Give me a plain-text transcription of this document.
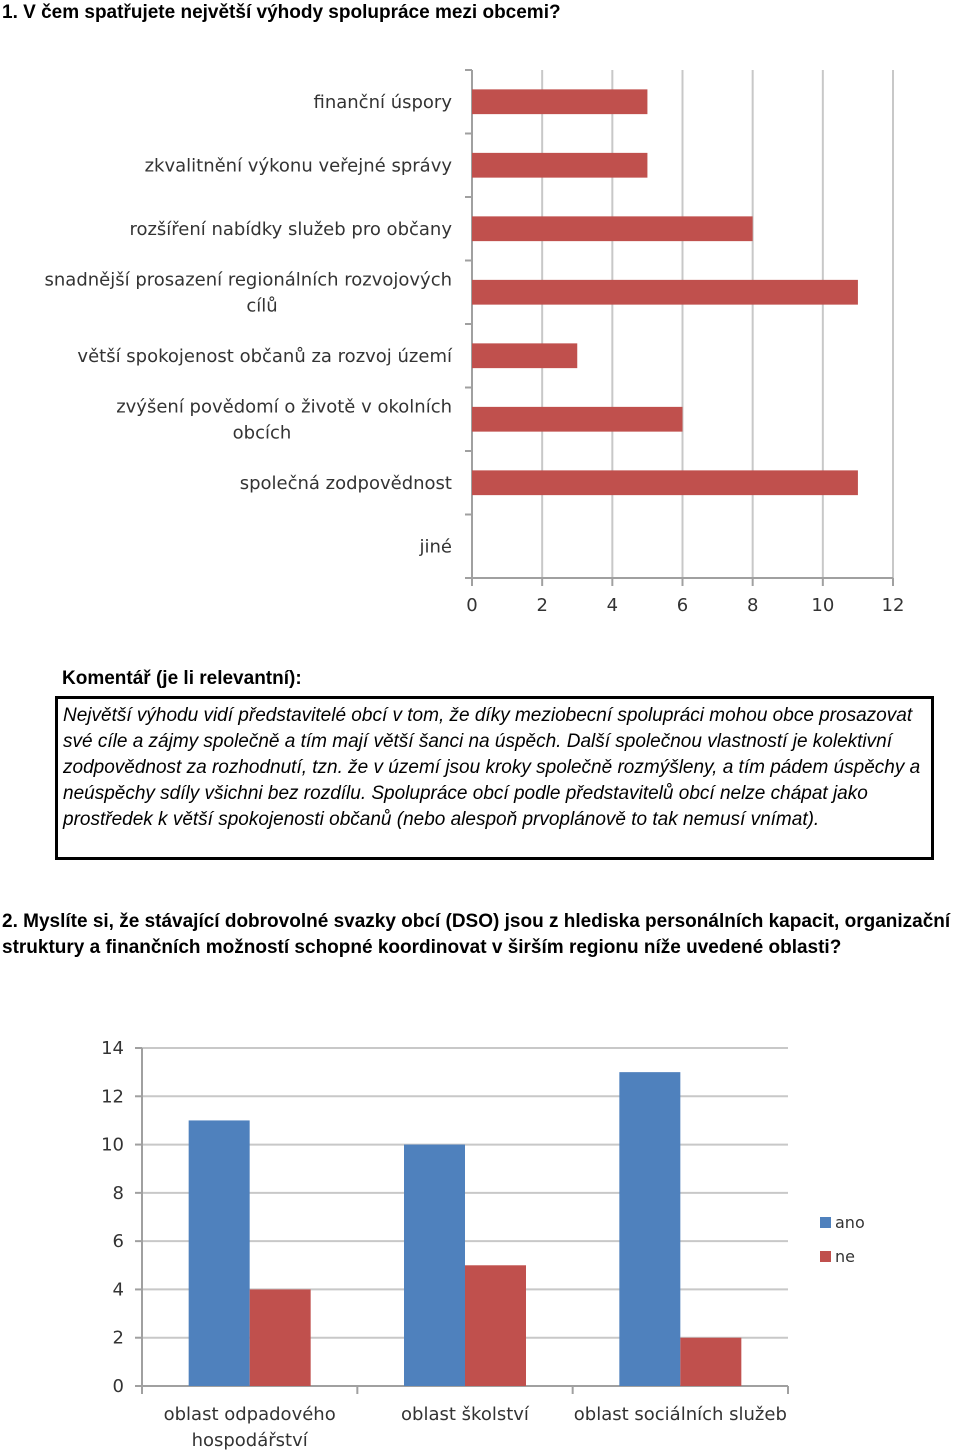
1. V čem spatřujete největší výhody spolupráce mezi obcemi?
0	2	4	6	8	10	12
finanční úspory
zkvalitnění výkonu veřejné správy
rozšíření nabídky služeb pro občany
snadnější prosazení regionálních rozvojových cílů
větší spokojenost občanů za rozvoj území
zvýšení povědomí o životě v okolních obcích
společná zodpovědnost
jiné
Komentář (je li relevantní):
Největší výhodu vidí představitelé obcí v tom, že díky meziobecní spolupráci mohou obce prosazovat své cíle a zájmy společně a tím mají větší šanci na úspěch. Další společnou vlastností je kolektivní zodpovědnost za rozhodnutí, tzn. že v území jsou kroky společně rozmýšleny, a tím pádem úspěchy a neúspěchy sdíly všichni bez rozdílu. Spolupráce obcí podle představitelů obcí nelze chápat jako prostředek k větší spokojenosti občanů (nebo alespoň prvoplánově to tak nemusí vnímat).
2. Myslíte si, že stávající dobrovolné svazky obcí (DSO) jsou z hlediska personálních kapacit, organizační struktury a finančních možností schopné koordinovat v širším regionu níže uvedené oblasti?
0
2
4
6
8
10
12
14
oblast odpadového hospodářství
oblast školství oblast sociálních služeb
ano
ne
